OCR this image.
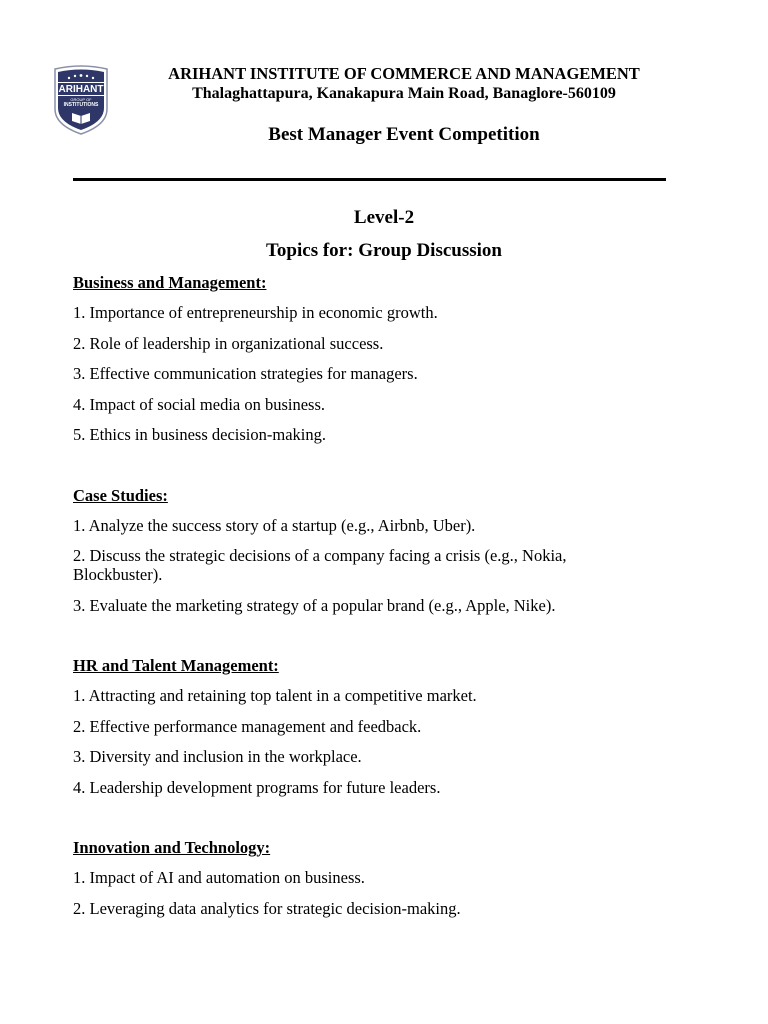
ARIHANT
GROUP OF
INSTITUTIONS
ARIHANT INSTITUTE OF COMMERCE AND MANAGEMENT
Thalaghattapura, Kanakapura Main Road, Banaglore-560109
Best Manager Event Competition
Level-2
Topics for: Group Discussion
Business and Management:
1. Importance of entrepreneurship in economic growth.
2. Role of leadership in organizational success.
3. Effective communication strategies for managers.
4. Impact of social media on business.
5. Ethics in business decision-making.
Case Studies:
1. Analyze the success story of a startup (e.g., Airbnb, Uber).
2. Discuss the strategic decisions of a company facing a crisis (e.g., Nokia, Blockbuster).
3. Evaluate the marketing strategy of a popular brand (e.g., Apple, Nike).
HR and Talent Management:
1. Attracting and retaining top talent in a competitive market.
2. Effective performance management and feedback.
3. Diversity and inclusion in the workplace.
4. Leadership development programs for future leaders.
Innovation and Technology:
1. Impact of AI and automation on business.
2. Leveraging data analytics for strategic decision-making.
